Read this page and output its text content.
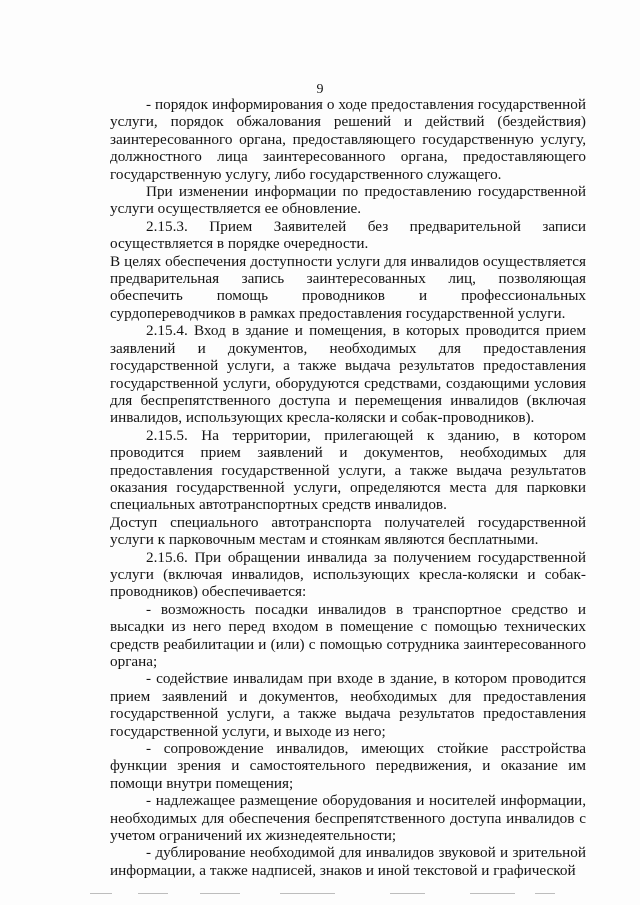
9

- порядок информирования о ходе предоставления государственной услуги, порядок обжалования решений и действий (бездействия) заинтересованного органа, предоставляющего государственную услугу, должностного лица заинтересованного органа, предоставляющего государственную услугу, либо государственного служащего.

При изменении информации по предоставлению государственной услуги осуществляется ее обновление.

2.15.3. Прием Заявителей без предварительной записи осуществляется в порядке очередности.

В целях обеспечения доступности услуги для инвалидов осуществляется предварительная запись заинтересованных лиц, позволяющая обеспечить помощь проводников и профессиональных сурдопереводчиков в рамках предоставления государственной услуги.

2.15.4. Вход в здание и помещения, в которых проводится прием заявлений и документов, необходимых для предоставления государственной услуги, а также выдача результатов предоставления государственной услуги, оборудуются средствами, создающими условия для беспрепятственного доступа и перемещения инвалидов (включая инвалидов, использующих кресла-коляски и собак-проводников).

2.15.5. На территории, прилегающей к зданию, в котором проводится прием заявлений и документов, необходимых для предоставления государственной услуги, а также выдача результатов оказания государственной услуги, определяются места для парковки специальных автотранспортных средств инвалидов.

Доступ специального автотранспорта получателей государственной услуги к парковочным местам и стоянкам являются бесплатными.

2.15.6. При обращении инвалида за получением государственной услуги (включая инвалидов, использующих кресла-коляски и собак-проводников) обеспечивается:

- возможность посадки инвалидов в транспортное средство и высадки из него перед входом в помещение с помощью технических средств реабилитации и (или) с помощью сотрудника заинтересованного органа;

- содействие инвалидам при входе в здание, в котором проводится прием заявлений и документов, необходимых для предоставления государственной услуги, а также выдача результатов предоставления государственной услуги, и выходе из него;

- сопровождение инвалидов, имеющих стойкие расстройства функции зрения и самостоятельного передвижения, и оказание им помощи внутри помещения;

- надлежащее размещение оборудования и носителей информации, необходимых для обеспечения беспрепятственного доступа инвалидов с учетом ограничений их жизнедеятельности;

- дублирование необходимой для инвалидов звуковой и зрительной информации, а также надписей, знаков и иной текстовой и графической
